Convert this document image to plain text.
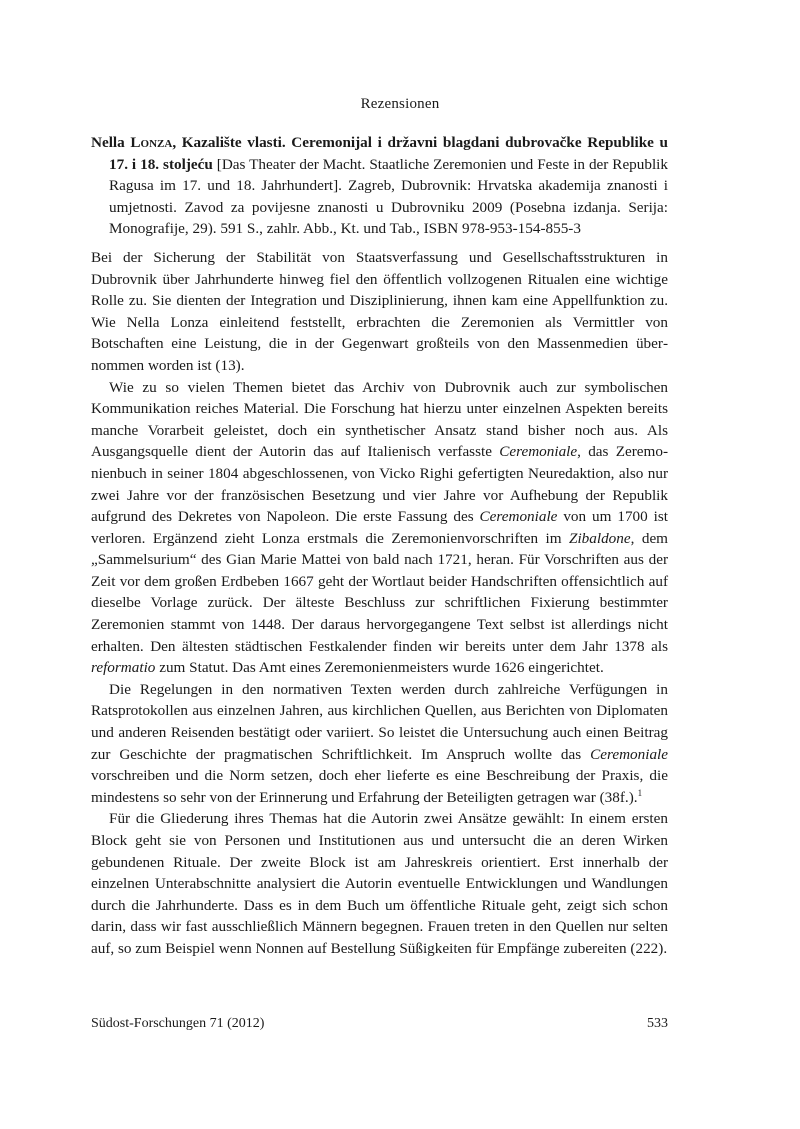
Rezensionen

Nella Lonza, Kazalište vlasti. Ceremonijal i državni blagdani dubrovačke Republike u 17. i 18. stoljeću [Das Theater der Macht. Staatliche Zeremonien und Feste in der Republik Ragusa im 17. und 18. Jahrhundert]. Zagreb, Dubrovnik: Hrvatska akademija znanosti i umjetnosti. Zavod za povijesne znanosti u Dubrovniku 2009 (Posebna izdanja. Serija: Monografije, 29). 591 S., zahlr. Abb., Kt. und Tab., ISBN 978-953-154-855-3

Bei der Sicherung der Stabilität von Staatsverfassung und Gesellschaftsstrukturen in Dubrovnik über Jahrhunderte hinweg fiel den öffentlich vollzogenen Ritualen eine wichtige Rolle zu. Sie dienten der Integration und Disziplinierung, ihnen kam eine Appellfunktion zu. Wie Nella Lonza einleitend feststellt, erbrachten die Zeremonien als Vermittler von Botschaften eine Leistung, die in der Gegenwart großteils von den Massenmedien übernommen worden ist (13).

Wie zu so vielen Themen bietet das Archiv von Dubrovnik auch zur symbolischen Kommunikation reiches Material. Die Forschung hat hierzu unter einzelnen Aspekten bereits manche Vorarbeit geleistet, doch ein synthetischer Ansatz stand bisher noch aus. Als Ausgangsquelle dient der Autorin das auf Italienisch verfasste Ceremoniale, das Zeremonienbuch in seiner 1804 abgeschlossenen, von Vicko Righi gefertigten Neuredaktion, also nur zwei Jahre vor der französischen Besetzung und vier Jahre vor Aufhebung der Republik aufgrund des Dekretes von Napoleon. Die erste Fassung des Ceremoniale von um 1700 ist verloren. Ergänzend zieht Lonza erstmals die Zeremonienvorschriften im Zibaldone, dem „Sammelsurium“ des Gian Marie Mattei von bald nach 1721, heran. Für Vorschriften aus der Zeit vor dem großen Erdbeben 1667 geht der Wortlaut beider Handschriften offensichtlich auf dieselbe Vorlage zurück. Der älteste Beschluss zur schriftlichen Fixierung bestimmter Zeremonien stammt von 1448. Der daraus hervorgegangene Text selbst ist allerdings nicht erhalten. Den ältesten städtischen Festkalender finden wir bereits unter dem Jahr 1378 als reformatio zum Statut. Das Amt eines Zeremonienmeisters wurde 1626 eingerichtet.

Die Regelungen in den normativen Texten werden durch zahlreiche Verfügungen in Ratsprotokollen aus einzelnen Jahren, aus kirchlichen Quellen, aus Berichten von Diplomaten und anderen Reisenden bestätigt oder variiert. So leistet die Untersuchung auch einen Beitrag zur Geschichte der pragmatischen Schriftlichkeit. Im Anspruch wollte das Ceremoniale vorschreiben und die Norm setzen, doch eher lieferte es eine Beschreibung der Praxis, die mindestens so sehr von der Erinnerung und Erfahrung der Beteiligten getragen war (38f.).$^1$

Für die Gliederung ihres Themas hat die Autorin zwei Ansätze gewählt: In einem ersten Block geht sie von Personen und Institutionen aus und untersucht die an deren Wirken gebundenen Rituale. Der zweite Block ist am Jahreskreis orientiert. Erst innerhalb der einzelnen Unterabschnitte analysiert die Autorin eventuelle Entwicklungen und Wandlungen durch die Jahrhunderte. Dass es in dem Buch um öffentliche Rituale geht, zeigt sich schon darin, dass wir fast ausschließlich Männern begegnen. Frauen treten in den Quellen nur selten auf, so zum Beispiel wenn Nonnen auf Bestellung Süßigkeiten für Empfänge zubereiten (222).

Südost-Forschungen 71 (2012)	533
